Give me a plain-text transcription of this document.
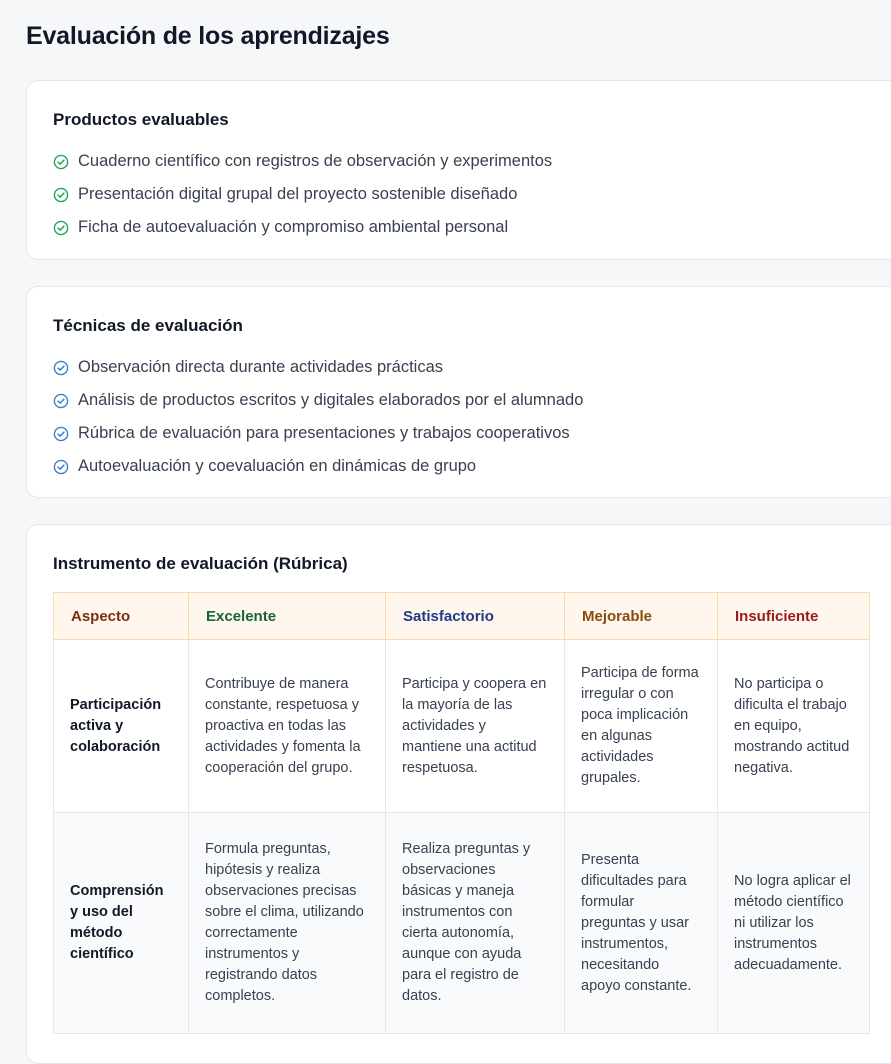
Evaluación de los aprendizajes
Productos evaluables
Cuaderno científico con registros de observación y experimentos
Presentación digital grupal del proyecto sostenible diseñado
Ficha de autoevaluación y compromiso ambiental personal
Técnicas de evaluación
Observación directa durante actividades prácticas
Análisis de productos escritos y digitales elaborados por el alumnado
Rúbrica de evaluación para presentaciones y trabajos cooperativos
Autoevaluación y coevaluación en dinámicas de grupo
Instrumento de evaluación (Rúbrica)
Aspecto	Excelente	Satisfactorio	Mejorable	Insuficiente
Participación activa y colaboración	Contribuye de manera constante, respetuosa y proactiva en todas las actividades y fomenta la cooperación del grupo.	Participa y coopera en la mayoría de las actividades y mantiene una actitud respetuosa.	Participa de forma irregular o con poca implicación en algunas actividades grupales.	No participa o dificulta el trabajo en equipo, mostrando actitud negativa.
Comprensión y uso del método científico	Formula preguntas, hipótesis y realiza observaciones precisas sobre el clima, utilizando correctamente instrumentos y registrando datos completos.	Realiza preguntas y observaciones básicas y maneja instrumentos con cierta autonomía, aunque con ayuda para el registro de datos.	Presenta dificultades para formular preguntas y usar instrumentos, necesitando apoyo constante.	No logra aplicar el método científico ni utilizar los instrumentos adecuadamente.
